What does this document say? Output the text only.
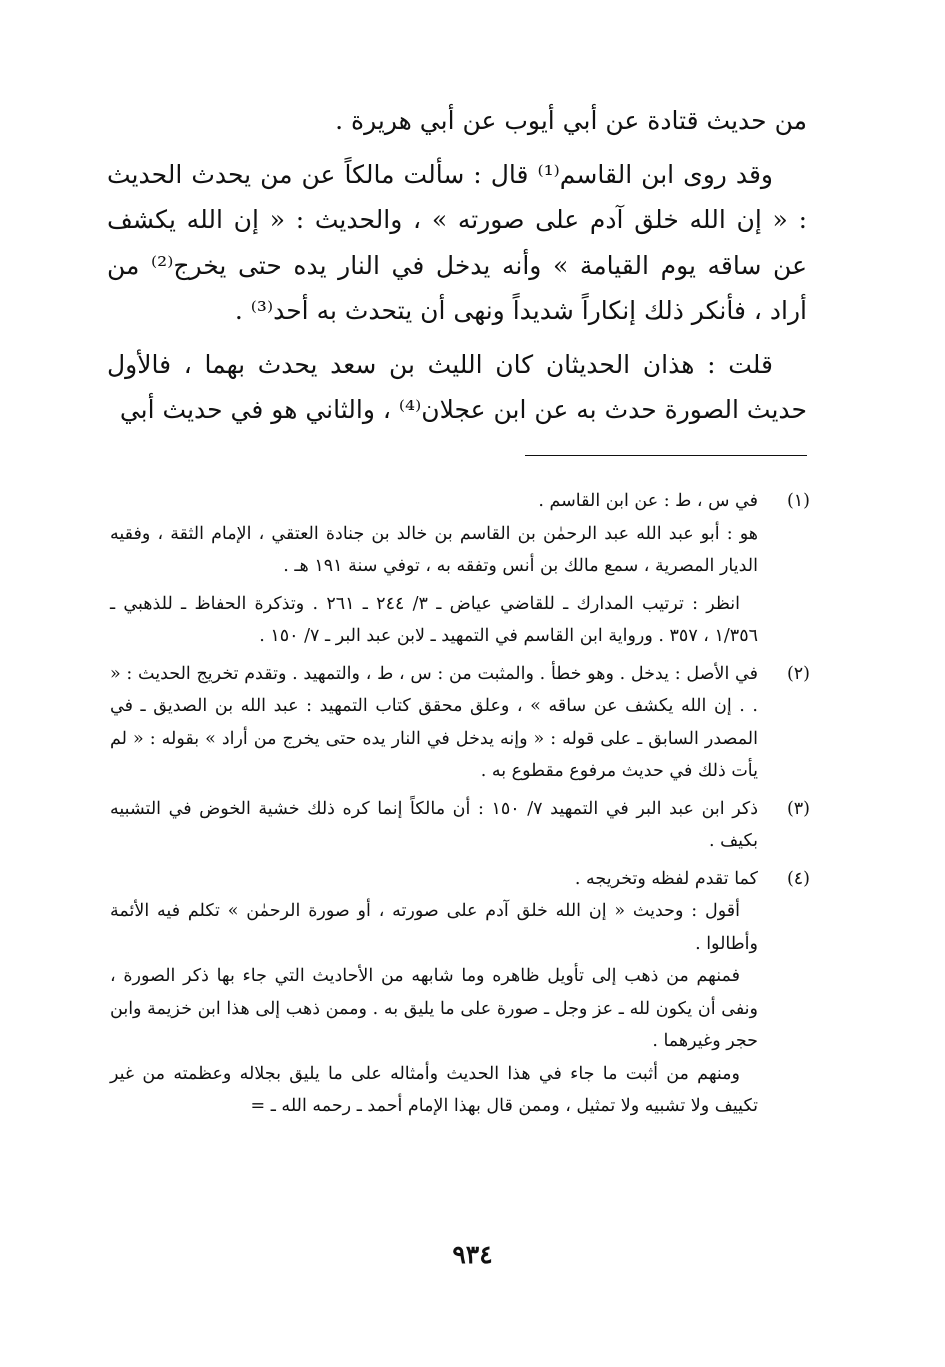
من حديث قتادة عن أبي أيوب عن أبي هريرة .

وقد روى ابن القاسم⁽¹⁾ قال : سألت مالكاً عن من يحدث الحديث : « إن الله خلق آدم على صورته » ، والحديث : « إن الله يكشف عن ساقه يوم القيامة » وأنه يدخل في النار يده حتى يخرج⁽²⁾ من أراد ، فأنكر ذلك إنكاراً شديداً ونهى أن يتحدث به أحد⁽³⁾ .

قلت : هذان الحديثان كان الليث بن سعد يحدث بهما ، فالأول حديث الصورة حدث به عن ابن عجلان⁽⁴⁾ ، والثاني هو في حديث أبي

(١)

في س ، ط : عن ابن القاسم .

هو : أبو عبد الله عبد الرحمٰن بن القاسم بن خالد بن جنادة العتقي ، الإمام الثقة ، وفقيه الديار المصرية ، سمع مالك بن أنس وتفقه به ، توفي سنة ١٩١ هـ .

انظر : ترتيب المدارك ـ للقاضي عياض ـ ٣/ ٢٤٤ ـ ٢٦١ . وتذكرة الحفاظ ـ للذهبي ـ ١/٣٥٦ ، ٣٥٧ . ورواية ابن القاسم في التمهيد ـ لابن عبد البر ـ ٧/ ١٥٠ .

(٢)

في الأصل : يدخل . وهو خطأ . والمثبت من : س ، ط ، والتمهيد . وتقدم تخريج الحديث : « . . إن الله يكشف عن ساقه » ، وعلق محقق كتاب التمهيد : عبد الله بن الصديق ـ في المصدر السابق ـ على قوله : « وإنه يدخل في النار يده حتى يخرج من أراد » بقوله : « لم يأت ذلك في حديث مرفوع مقطوع به .

(٣)

ذكر ابن عبد البر في التمهيد ٧/ ١٥٠ : أن مالكاً إنما كره ذلك خشية الخوض في التشبيه بكيف .

(٤)

كما تقدم لفظه وتخريجه .

أقول : وحديث « إن الله خلق آدم على صورته ، أو صورة الرحمٰن » تكلم فيه الأئمة وأطالوا .

فمنهم من ذهب إلى تأويل ظاهره وما شابهه من الأحاديث التي جاء بها ذكر الصورة ، ونفى أن يكون لله ـ عز وجل ـ صورة على ما يليق به . وممن ذهب إلى هذا ابن خزيمة وابن حجر وغيرهما .

ومنهم من أثبت ما جاء في هذا الحديث وأمثاله على ما يليق بجلاله وعظمته من غير تكييف ولا تشبيه ولا تمثيل ، وممن قال بهذا الإمام أحمد ـ رحمه الله ـ =

٩٣٤
